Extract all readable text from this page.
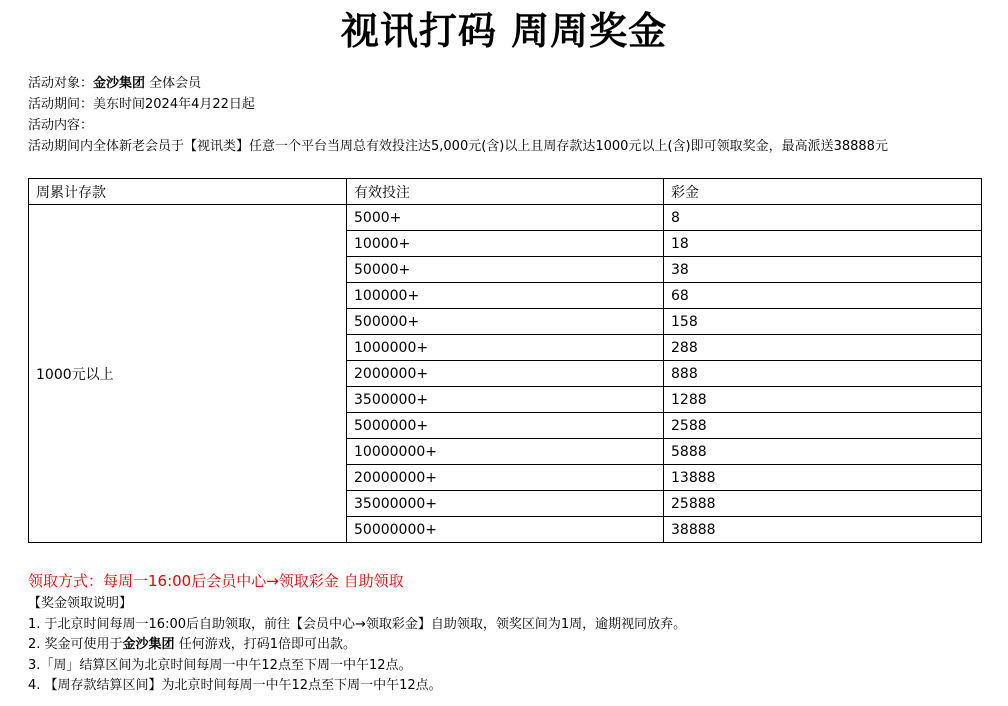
视讯打码 周周奖金
活动对象：金沙集团 全体会员
活动期间：美东时间2024年4月22日起
活动内容：
活动期间内全体新老会员于【视讯类】任意一个平台当周总有效投注达5,000元(含)以上且周存款达1000元以上(含)即可领取奖金，最高派送38888元
周累计存款	有效投注	彩金
1000元以上	5000+	8
	10000+	18
	50000+	38
	100000+	68
	500000+	158
	1000000+	288
	2000000+	888
	3500000+	1288
	5000000+	2588
	10000000+	5888
	20000000+	13888
	35000000+	25888
	50000000+	38888
领取方式：每周一16:00后会员中心→领取彩金 自助领取
【奖金领取说明】
1. 于北京时间每周一16:00后自助领取，前往【会员中心→领取彩金】自助领取，领奖区间为1周，逾期视同放弃。
2. 奖金可使用于金沙集团 任何游戏，打码1倍即可出款。
3.「周」结算区间为北京时间每周一中午12点至下周一中午12点。
4. 【周存款结算区间】为北京时间每周一中午12点至下周一中午12点。
